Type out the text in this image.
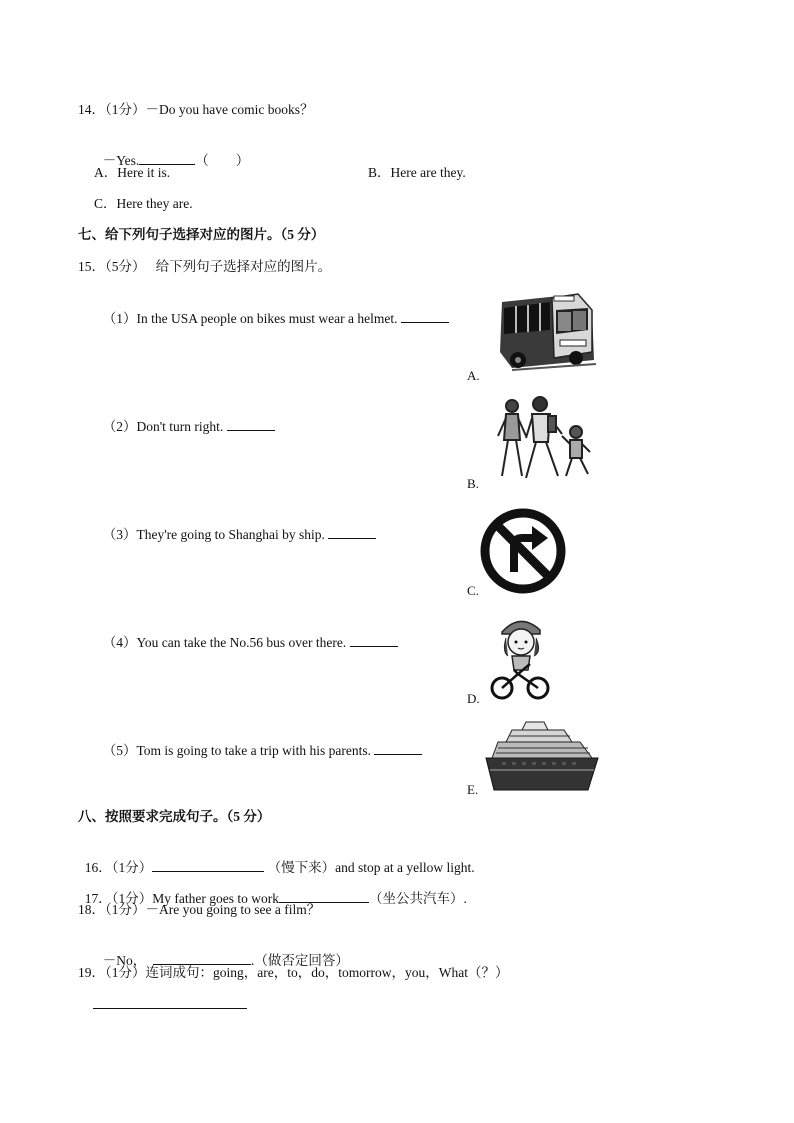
14．（1分）－Do you have comic books？

－Yes.	（　　）

A．Here it is.	B．Here are they.
C．Here they are.
七、给下列句子选择对应的图片。（5 分）
15．（5分）　 给下列句子选择对应的图片。

（1）In the USA people on bikes must wear a helmet.

（2）Don't turn right.

（3）They're going to Shanghai by ship.

（4）You can take the No.56 bus over there.

（5）Tom is going to take a trip with his parents.

A.
B.
C.
D.
E.
八、按照要求完成句子。（5 分）

16．（1分）	（慢下来）and stop at a yellow light.

17．（1分）My father goes to work	（坐公共汽车）.

18．（1分）－Are you going to see a film？

－No，	.（做否定回答）

19．（1分）连词成句：going，are，to，do，tomorrow，you，What（？）
